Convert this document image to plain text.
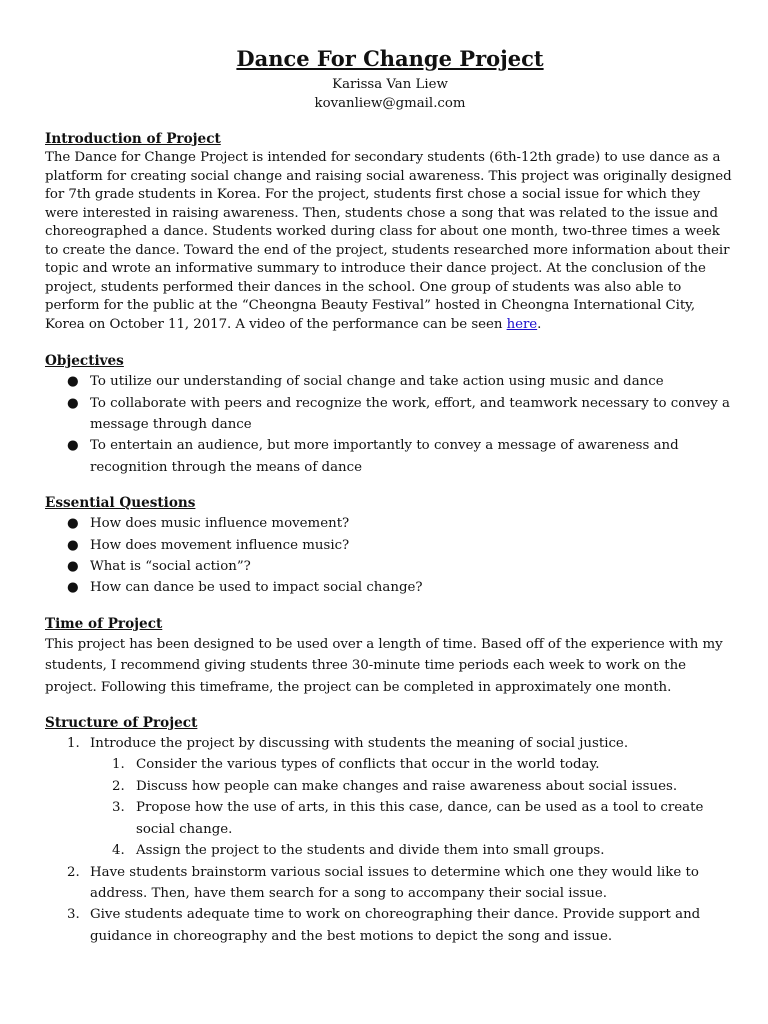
Dance For Change Project
Karissa Van Liew
kovanliew@gmail.com
Introduction of Project

The Dance for Change Project is intended for secondary students (6th-12th grade) to use dance as a platform for creating social change and raising social awareness. This project was originally designed for 7th grade students in Korea. For the project, students first chose a social issue for which they were interested in raising awareness. Then, students chose a song that was related to the issue and choreographed a dance. Students worked during class for about one month, two-three times a week to create the dance. Toward the end of the project, students researched more information about their topic and wrote an informative summary to introduce their dance project. At the conclusion of the project, students performed their dances in the school. One group of students was also able to perform for the public at the “Cheongna Beauty Festival” hosted in Cheongna International City, Korea on October 11, 2017. A video of the performance can be seen here.

Objectives
● To utilize our understanding of social change and take action using music and dance
● To collaborate with peers and recognize the work, effort, and teamwork necessary to convey a message through dance
● To entertain an audience, but more importantly to convey a message of awareness and recognition through the means of dance
Essential Questions
● How does music influence movement?
● How does movement influence music?
● What is “social action”?
● How can dance be used to impact social change?
Time of Project

This project has been designed to be used over a length of time. Based off of the experience with my students, I recommend giving students three 30-minute time periods each week to work on the project. Following this timeframe, the project can be completed in approximately one month.

Structure of Project
1. Introduce the project by discussing with students the meaning of social justice.
1. Consider the various types of conflicts that occur in the world today.
2. Discuss how people can make changes and raise awareness about social issues.
3. Propose how the use of arts, in this this case, dance, can be used as a tool to create social change.
4. Assign the project to the students and divide them into small groups.
2. Have students brainstorm various social issues to determine which one they would like to address. Then, have them search for a song to accompany their social issue.
3. Give students adequate time to work on choreographing their dance. Provide support and guidance in choreography and the best motions to depict the song and issue.
